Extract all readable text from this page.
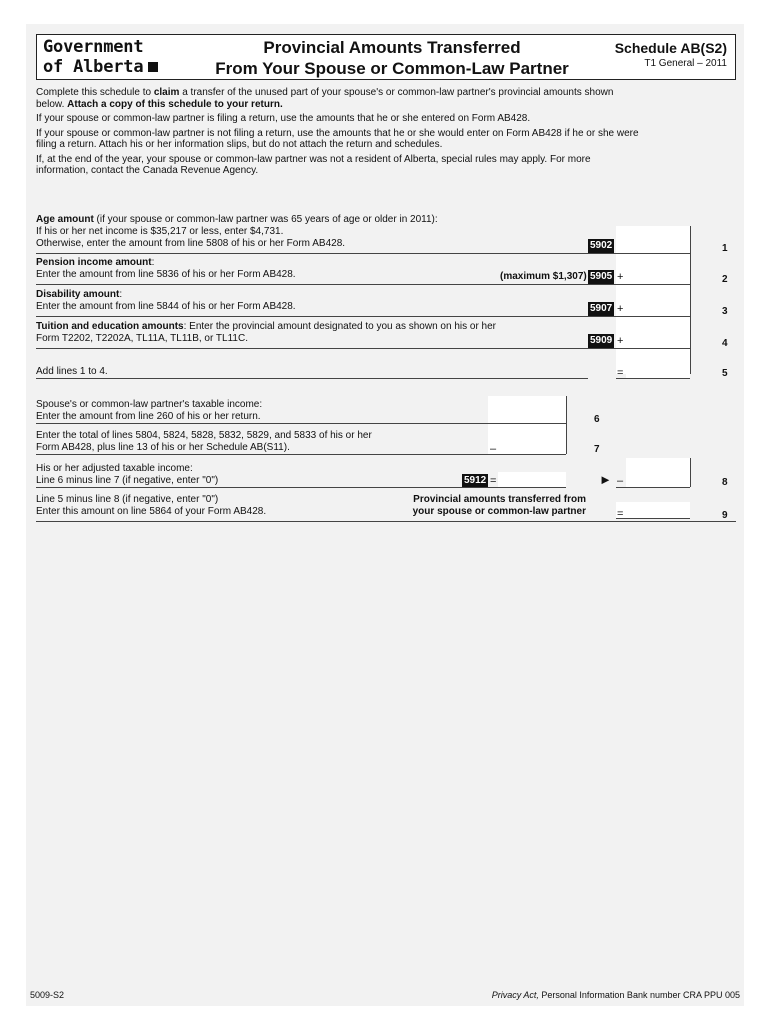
Government
of Alberta
Provincial Amounts Transferred
From Your Spouse or Common-Law Partner
Schedule AB(S2)
T1 General – 2011

Complete this schedule to claim a transfer of the unused part of your spouse's or common-law partner's provincial amounts shown
below. Attach a copy of this schedule to your return.

If your spouse or common-law partner is filing a return, use the amounts that he or she entered on Form AB428.

If your spouse or common-law partner is not filing a return, use the amounts that he or she would enter on Form AB428 if he or she were
filing a return. Attach his or her information slips, but do not attach the return and schedules.

If, at the end of the year, your spouse or common-law partner was not a resident of Alberta, special rules may apply. For more
information, contact the Canada Revenue Agency.

Age amount (if your spouse or common-law partner was 65 years of age or older in 2011):
If his or her net income is $35,217 or less, enter $4,731.
Otherwise, enter the amount from line 5808 of his or her Form AB428.	5902	1
Pension income amount:
Enter the amount from line 5836 of his or her Form AB428.	(maximum $1,307) 5905 +	2
Disability amount:
Enter the amount from line 5844 of his or her Form AB428.	5907 +	3
Tuition and education amounts: Enter the provincial amount designated to you as shown on his or her
Form T2202, T2202A, TL11A, TL11B, or TL11C.	5909 +	4
Add lines 1 to 4.	=	5
Spouse's or common-law partner's taxable income:
Enter the amount from line 260 of his or her return.	6
Enter the total of lines 5804, 5824, 5828, 5832, 5829, and 5833 of his or her
Form AB428, plus line 13 of his or her Schedule AB(S11).	–	7
His or her adjusted taxable income:
Line 6 minus line 7 (if negative, enter "0")	5912 =	► –	8
Line 5 minus line 8 (if negative, enter "0")
Enter this amount on line 5864 of your Form AB428.
Provincial amounts transferred from
your spouse or common-law partner	=	9
5009-S2	Privacy Act, Personal Information Bank number CRA PPU 005
